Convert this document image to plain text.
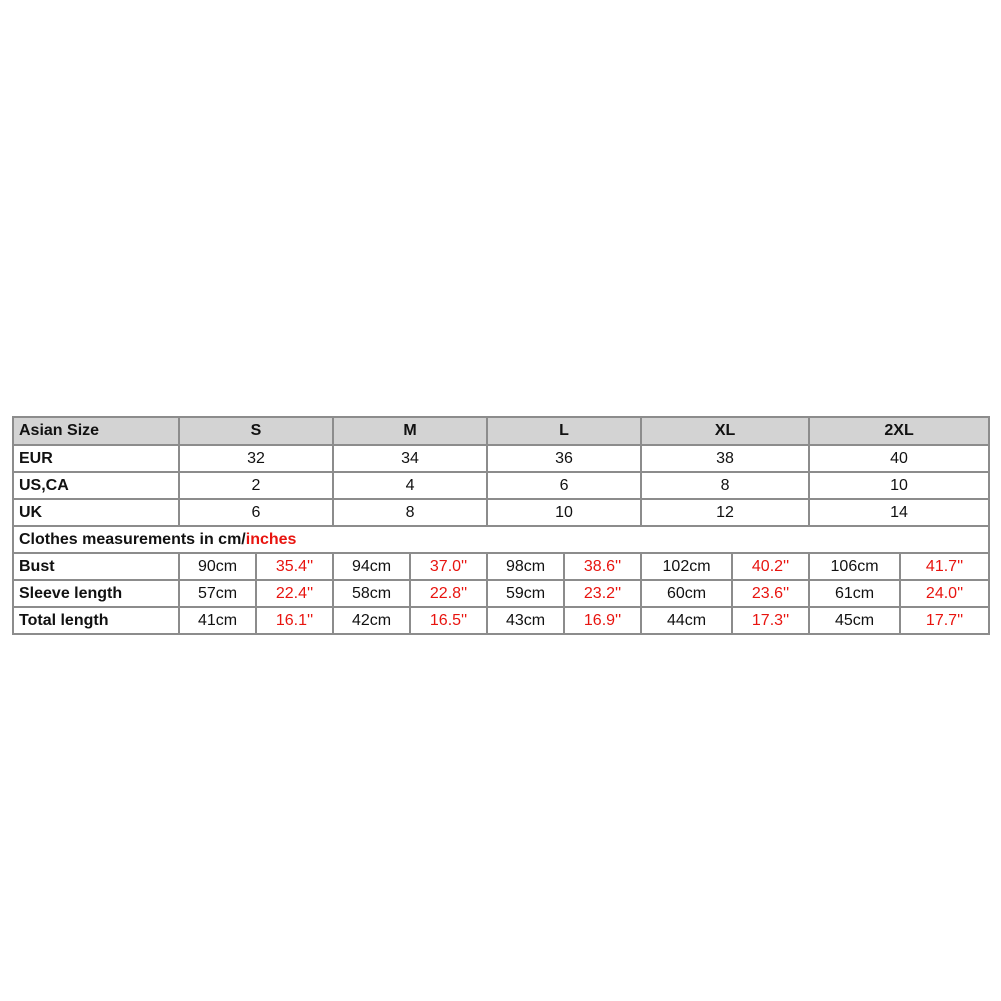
Asian Size	S		M		L		XL		2XL	
EUR	32		34		36		38		40	
US,CA	2		4		6		8		10	
UK	6		8		10		12		14	
Clothes measurements in cm/inches										
Bust	90cm	35.4''	94cm	37.0''	98cm	38.6''	102cm	40.2''	106cm	41.7''
Sleeve length	57cm	22.4''	58cm	22.8''	59cm	23.2''	60cm	23.6''	61cm	24.0''
Total length	41cm	16.1''	42cm	16.5''	43cm	16.9''	44cm	17.3''	45cm	17.7''
